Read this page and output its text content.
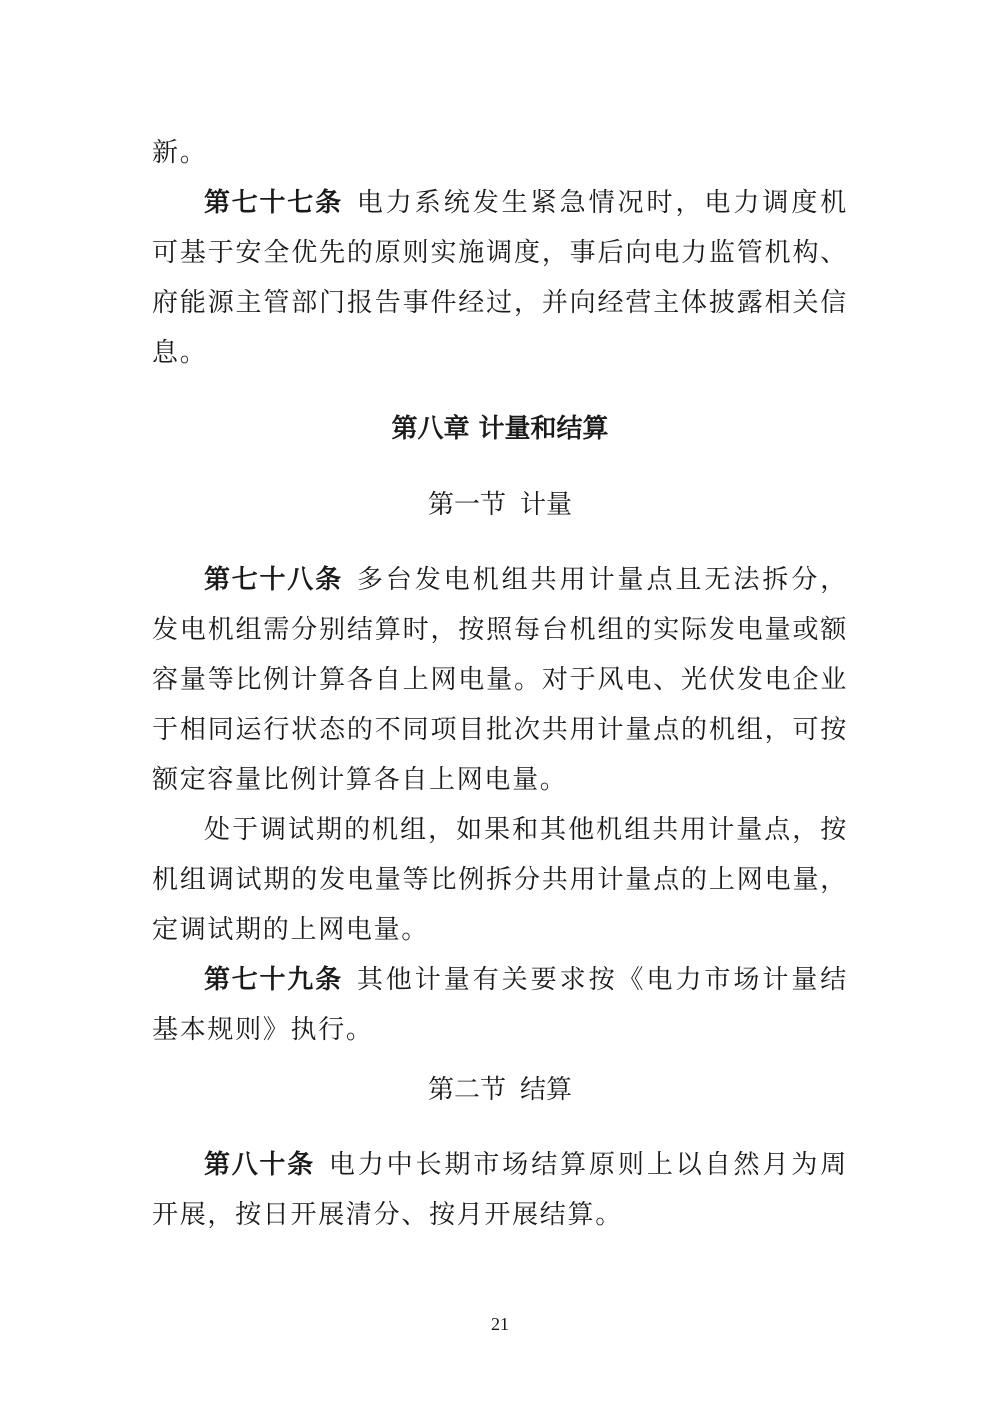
新。
第七十七条 电力系统发生紧急情况时，电力调度机
可基于安全优先的原则实施调度，事后向电力监管机构、
府能源主管部门报告事件经过，并向经营主体披露相关信
息。
第八章 计量和结算
第一节 计量
第七十八条 多台发电机组共用计量点且无法拆分，
发电机组需分别结算时，按照每台机组的实际发电量或额
容量等比例计算各自上网电量。对于风电、光伏发电企业
于相同运行状态的不同项目批次共用计量点的机组，可按
额定容量比例计算各自上网电量。
处于调试期的机组，如果和其他机组共用计量点，按
机组调试期的发电量等比例拆分共用计量点的上网电量，
定调试期的上网电量。
第七十九条 其他计量有关要求按《电力市场计量结
基本规则》执行。
第二节 结算
第八十条 电力中长期市场结算原则上以自然月为周
开展，按日开展清分、按月开展结算。
21
